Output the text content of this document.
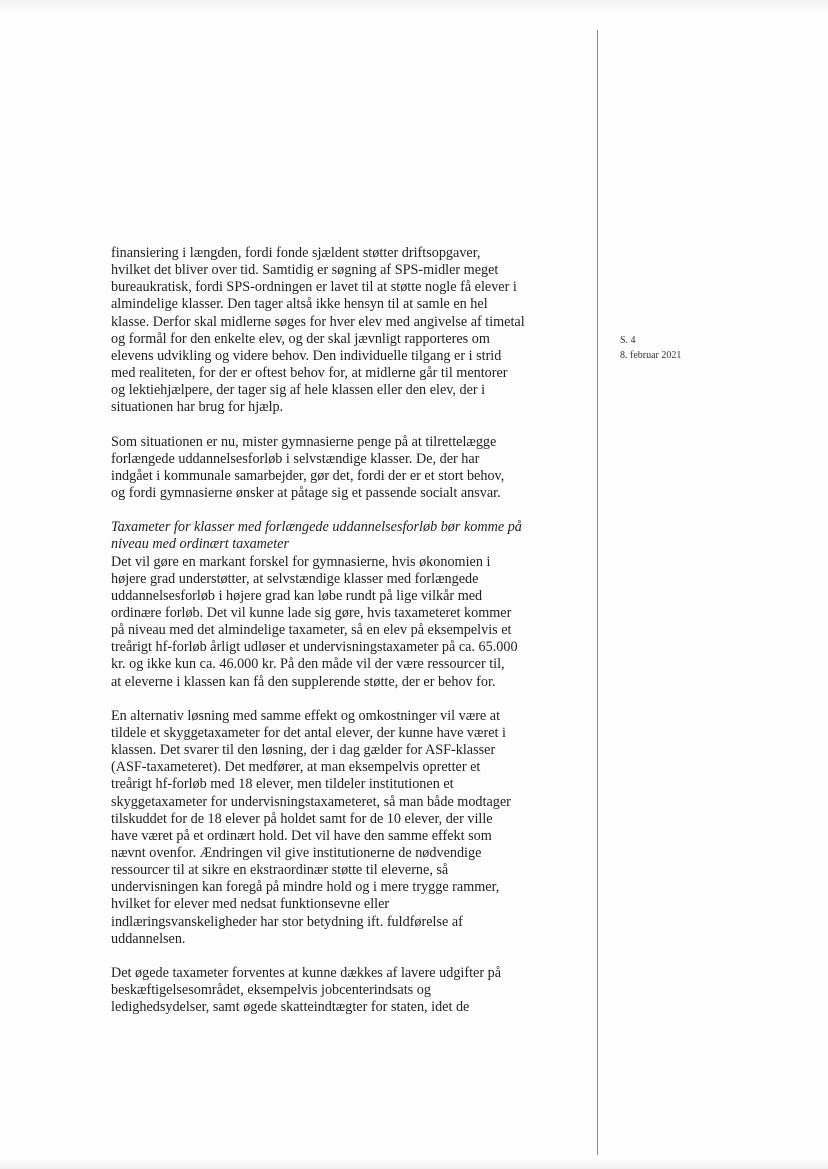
S. 4
8. februar 2021
finansiering i længden, fordi fonde sjældent støtter driftsopgaver,
hvilket det bliver over tid. Samtidig er søgning af SPS-midler meget
bureaukratisk, fordi SPS-ordningen er lavet til at støtte nogle få elever i
almindelige klasser. Den tager altså ikke hensyn til at samle en hel
klasse. Derfor skal midlerne søges for hver elev med angivelse af timetal
og formål for den enkelte elev, og der skal jævnligt rapporteres om
elevens udvikling og videre behov. Den individuelle tilgang er i strid
med realiteten, for der er oftest behov for, at midlerne går til mentorer
og lektiehjælpere, der tager sig af hele klassen eller den elev, der i
situationen har brug for hjælp.
Som situationen er nu, mister gymnasierne penge på at tilrettelægge
forlængede uddannelsesforløb i selvstændige klasser. De, der har
indgået i kommunale samarbejder, gør det, fordi der er et stort behov,
og fordi gymnasierne ønsker at påtage sig et passende socialt ansvar.
Taxameter for klasser med forlængede uddannelsesforløb bør komme på
niveau med ordinært taxameter
Det vil gøre en markant forskel for gymnasierne, hvis økonomien i
højere grad understøtter, at selvstændige klasser med forlængede
uddannelsesforløb i højere grad kan løbe rundt på lige vilkår med
ordinære forløb. Det vil kunne lade sig gøre, hvis taxameteret kommer
på niveau med det almindelige taxameter, så en elev på eksempelvis et
treårigt hf-forløb årligt udløser et undervisningstaxameter på ca. 65.000
kr. og ikke kun ca. 46.000 kr. På den måde vil der være ressourcer til,
at eleverne i klassen kan få den supplerende støtte, der er behov for.
En alternativ løsning med samme effekt og omkostninger vil være at
tildele et skyggetaxameter for det antal elever, der kunne have været i
klassen. Det svarer til den løsning, der i dag gælder for ASF-klasser
(ASF-taxameteret). Det medfører, at man eksempelvis opretter et
treårigt hf-forløb med 18 elever, men tildeler institutionen et
skyggetaxameter for undervisningstaxameteret, så man både modtager
tilskuddet for de 18 elever på holdet samt for de 10 elever, der ville
have været på et ordinært hold. Det vil have den samme effekt som
nævnt ovenfor. Ændringen vil give institutionerne de nødvendige
ressourcer til at sikre en ekstraordinær støtte til eleverne, så
undervisningen kan foregå på mindre hold og i mere trygge rammer,
hvilket for elever med nedsat funktionsevne eller
indlæringsvanskeligheder har stor betydning ift. fuldførelse af
uddannelsen.
Det øgede taxameter forventes at kunne dækkes af lavere udgifter på
beskæftigelsesområdet, eksempelvis jobcenterindsats og
ledighedsydelser, samt øgede skatteindtægter for staten, idet de
